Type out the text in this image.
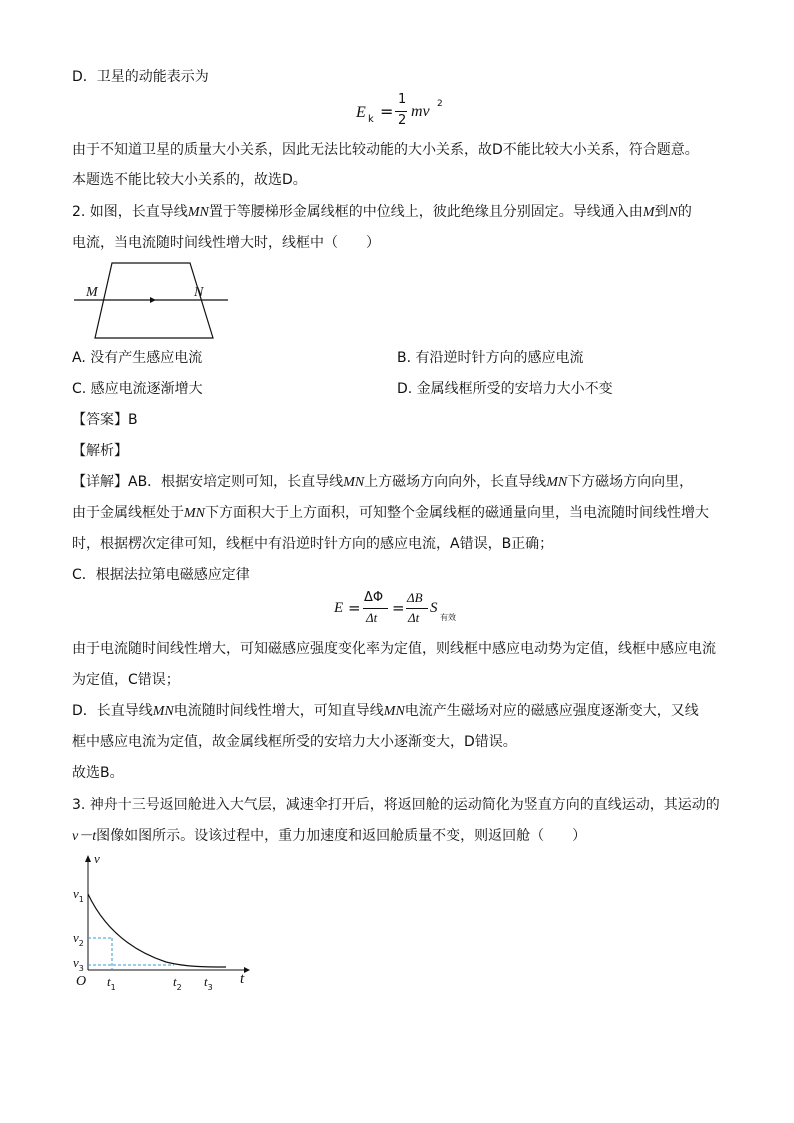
D．卫星的动能表示为
E k =
1
2
mv 2
由于不知道卫星的质量大小关系，因此无法比较动能的大小关系，故D不能比较大小关系，符合题意。
本题选不能比较大小关系的，故选D。
2. 如图，长直导线MN置于等腰梯形金属线框的中位线上，彼此绝缘且分别固定。导线通入由M到N的
电流，当电流随时间线性增大时，线框中（　　）
M	N
A. 没有产生感应电流	B. 有沿逆时针方向的感应电流
C. 感应电流逐渐增大	D. 金属线框所受的安培力大小不变
【答案】B
【解析】
【详解】AB．根据安培定则可知，长直导线MN上方磁场方向向外，长直导线MN下方磁场方向向里，
由于金属线框处于MN下方面积大于上方面积，可知整个金属线框的磁通量向里，当电流随时间线性增大
时，根据楞次定律可知，线框中有沿逆时针方向的感应电流，A错误，B正确；
C．根据法拉第电磁感应定律
E =
ΔΦ
Δt
=
ΔB
Δt
S
有效
由于电流随时间线性增大，可知磁感应强度变化率为定值，则线框中感应电动势为定值，线框中感应电流
为定值，C错误；
D．长直导线MN电流随时间线性增大，可知直导线MN电流产生磁场对应的磁感应强度逐渐变大，又线
框中感应电流为定值，故金属线框所受的安培力大小逐渐变大，D错误。
故选B。
3. 神舟十三号返回舱进入大气层，减速伞打开后，将返回舱的运动简化为竖直方向的直线运动，其运动的
v－t图像如图所示。设该过程中，重力加速度和返回舱质量不变，则返回舱（　　）
v
t
O
$v_1$
$v_2$
$v_3$
$t_1$	$t_2$ $t_3$
